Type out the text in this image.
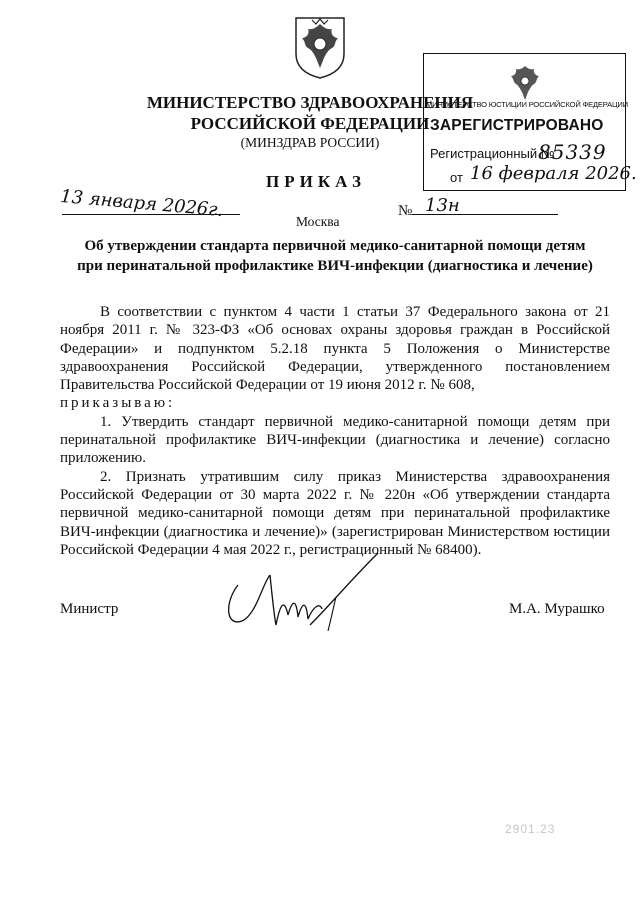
МИНИСТЕРСТВО ЗДРАВООХРАНЕНИЯ
РОССИЙСКОЙ ФЕДЕРАЦИИ
(МИНЗДРАВ РОССИИ)
МИНИСТЕРСТВО ЮСТИЦИИ РОССИЙСКОЙ ФЕДЕРАЦИИ
ЗАРЕГИСТРИРОВАНО
Регистрационный №
85339
от 16 февраля 2026.
ПРИКАЗ
13 января 2026г.
Москва
№ 13н
Об утверждении стандарта первичной медико-санитарной помощи детям
при перинатальной профилактике ВИЧ-инфекции (диагностика и лечение)

В соответствии с пунктом 4 части 1 статьи 37 Федерального закона от 21 ноября 2011 г. № 323-ФЗ «Об основах охраны здоровья граждан в Российской Федерации» и подпунктом 5.2.18 пункта 5 Положения о Министерстве здравоохранения Российской Федерации, утвержденного постановлением Правительства Российской Федерации от 19 июня 2012 г. № 608,

приказываю:

1. Утвердить стандарт первичной медико-санитарной помощи детям при перинатальной профилактике ВИЧ-инфекции (диагностика и лечение) согласно приложению.

2. Признать утратившим силу приказ Министерства здравоохранения Российской Федерации от 30 марта 2022 г. № 220н «Об утверждении стандарта первичной медико-санитарной помощи детям при перинатальной профилактике ВИЧ-инфекции (диагностика и лечение)» (зарегистрирован Министерством юстиции Российской Федерации 4 мая 2022 г., регистрационный № 68400).

Министр	М.А. Мурашко
2901.23
